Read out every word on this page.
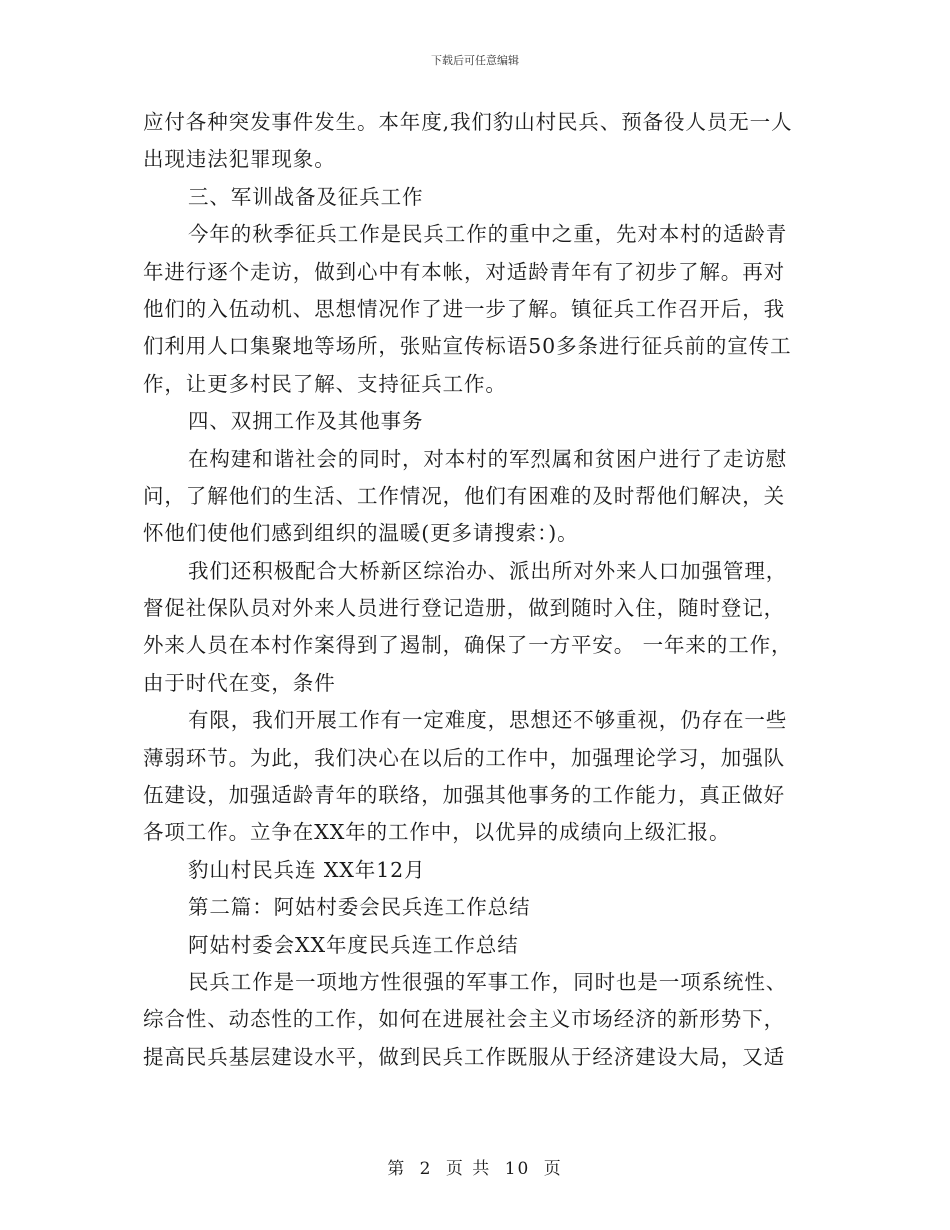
下载后可任意编辑
应付各种突发事件发生。本年度,我们豹山村民兵、预备役人员无一人
出现违法犯罪现象。
三、军训战备及征兵工作
今年的秋季征兵工作是民兵工作的重中之重，先对本村的适龄青
年进行逐个走访，做到心中有本帐，对适龄青年有了初步了解。再对
他们的入伍动机、思想情况作了进一步了解。镇征兵工作召开后，我
们利用人口集聚地等场所，张贴宣传标语50多条进行征兵前的宣传工
作，让更多村民了解、支持征兵工作。
四、双拥工作及其他事务
在构建和谐社会的同时，对本村的军烈属和贫困户进行了走访慰
问，了解他们的生活、工作情况，他们有困难的及时帮他们解决，关
怀他们使他们感到组织的温暖(更多请搜索：)。
我们还积极配合大桥新区综治办、派出所对外来人口加强管理，
督促社保队员对外来人员进行登记造册，做到随时入住，随时登记，
外来人员在本村作案得到了遏制，确保了一方平安。 一年来的工作，
由于时代在变，条件
有限，我们开展工作有一定难度，思想还不够重视，仍存在一些
薄弱环节。为此，我们决心在以后的工作中，加强理论学习，加强队
伍建设，加强适龄青年的联络，加强其他事务的工作能力，真正做好
各项工作。立争在XX年的工作中，以优异的成绩向上级汇报。
豹山村民兵连 XX年12月
第二篇：阿姑村委会民兵连工作总结
阿姑村委会XX年度民兵连工作总结
民兵工作是一项地方性很强的军事工作，同时也是一项系统性、
综合性、动态性的工作，如何在进展社会主义市场经济的新形势下，
提高民兵基层建设水平，做到民兵工作既服从于经济建设大局，又适
第 2 页 共 10 页
